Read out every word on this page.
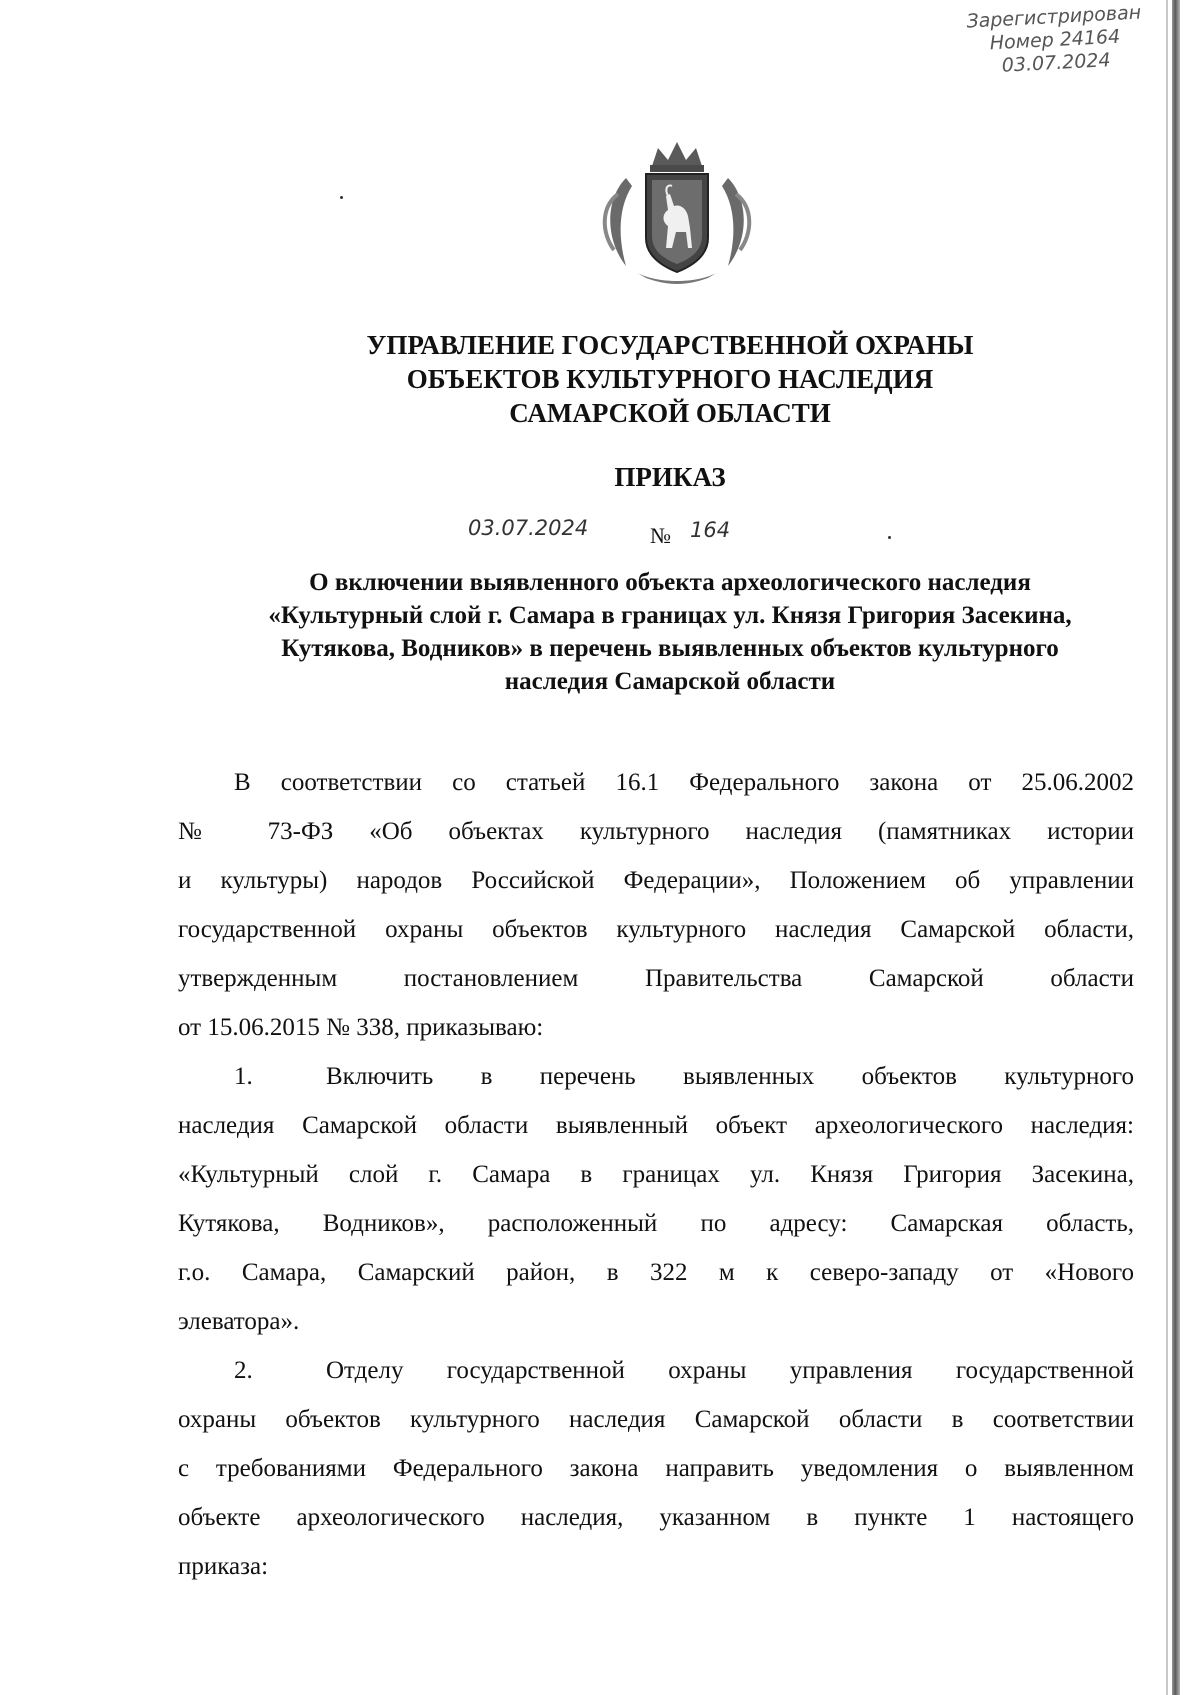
Зарегистрирован
Номер 24164
03.07.2024
УПРАВЛЕНИЕ ГОСУДАРСТВЕННОЙ ОХРАНЫ
ОБЪЕКТОВ КУЛЬТУРНОГО НАСЛЕДИЯ
САМАРСКОЙ ОБЛАСТИ
ПРИКАЗ
03.07.2024	№ 164
О включении выявленного объекта археологического наследия
«Культурный слой г. Самара в границах ул. Князя Григория Засекина,
Кутякова, Водников» в перечень выявленных объектов культурного
наследия Самарской области
В соответствии со статьей 16.1 Федерального закона от 25.06.2002
№ 73-ФЗ «Об объектах культурного наследия (памятниках истории
и культуры) народов Российской Федерации», Положением об управлении
государственной охраны объектов культурного наследия Самарской области,
утвержденным постановлением Правительства Самарской области
от 15.06.2015 № 338, приказываю:
1.	Включить в перечень выявленных объектов культурного
наследия Самарской области выявленный объект археологического наследия:
«Культурный слой г. Самара в границах ул. Князя Григория Засекина,
Кутякова, Водников», расположенный по адресу: Самарская область,
г.о. Самара, Самарский район, в 322 м к северо-западу от «Нового
элеватора».
2.	Отделу государственной охраны управления государственной
охраны объектов культурного наследия Самарской области в соответствии
с требованиями Федерального закона направить уведомления о выявленном
объекте археологического наследия, указанном в пункте 1 настоящего
приказа:
